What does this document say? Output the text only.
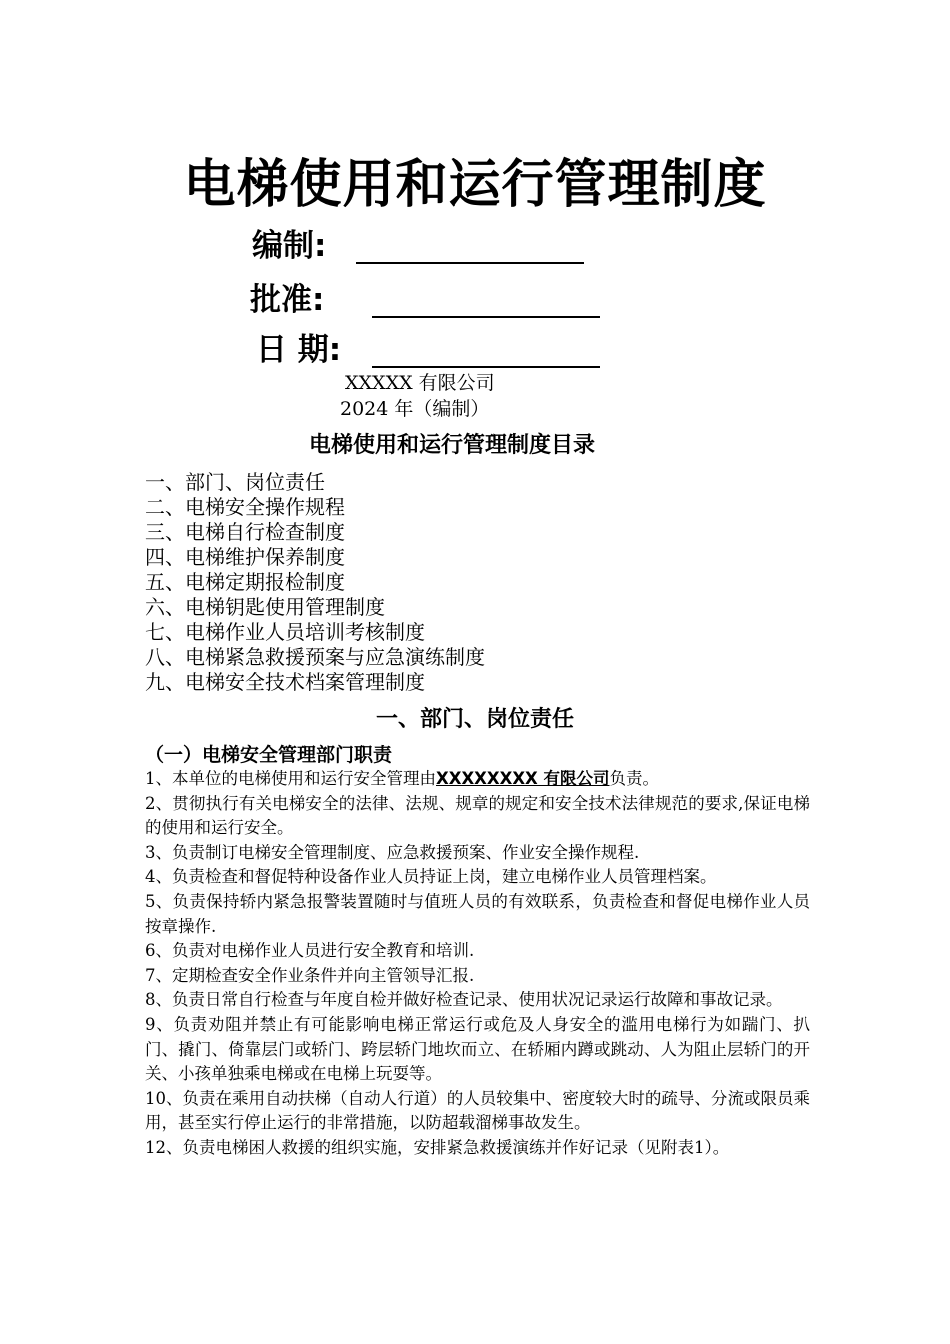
电梯使用和运行管理制度
编制:
批准:
日 期:
XXXXX 有限公司
2024 年（编制）
电梯使用和运行管理制度目录
一、部门、岗位责任
二、电梯安全操作规程
三、电梯自行检查制度
四、电梯维护保养制度
五、电梯定期报检制度
六、电梯钥匙使用管理制度
七、电梯作业人员培训考核制度
八、电梯紧急救援预案与应急演练制度
九、电梯安全技术档案管理制度
一、部门、岗位责任
（一）电梯安全管理部门职责

1、本单位的电梯使用和运行安全管理由XXXXXXXX 有限公司负责。

2、贯彻执行有关电梯安全的法律、法规、规章的规定和安全技术法律规范的要求,保证电梯的使用和运行安全。

3、负责制订电梯安全管理制度、应急救援预案、作业安全操作规程.

4、负责检查和督促特种设备作业人员持证上岗，建立电梯作业人员管理档案。

5、负责保持轿内紧急报警装置随时与值班人员的有效联系，负责检查和督促电梯作业人员按章操作.

6、负责对电梯作业人员进行安全教育和培训.

7、定期检查安全作业条件并向主管领导汇报.

8、负责日常自行检查与年度自检并做好检查记录、使用状况记录运行故障和事故记录。

9、负责劝阻并禁止有可能影响电梯正常运行或危及人身安全的滥用电梯行为如踹门、扒门、撬门、倚靠层门或轿门、跨层轿门地坎而立、在轿厢内蹲或跳动、人为阻止层轿门的开关、小孩单独乘电梯或在电梯上玩耍等。

10、负责在乘用自动扶梯（自动人行道）的人员较集中、密度较大时的疏导、分流或限员乘用，甚至实行停止运行的非常措施，以防超载溜梯事故发生。

12、负责电梯困人救援的组织实施，安排紧急救援演练并作好记录（见附表1）。
